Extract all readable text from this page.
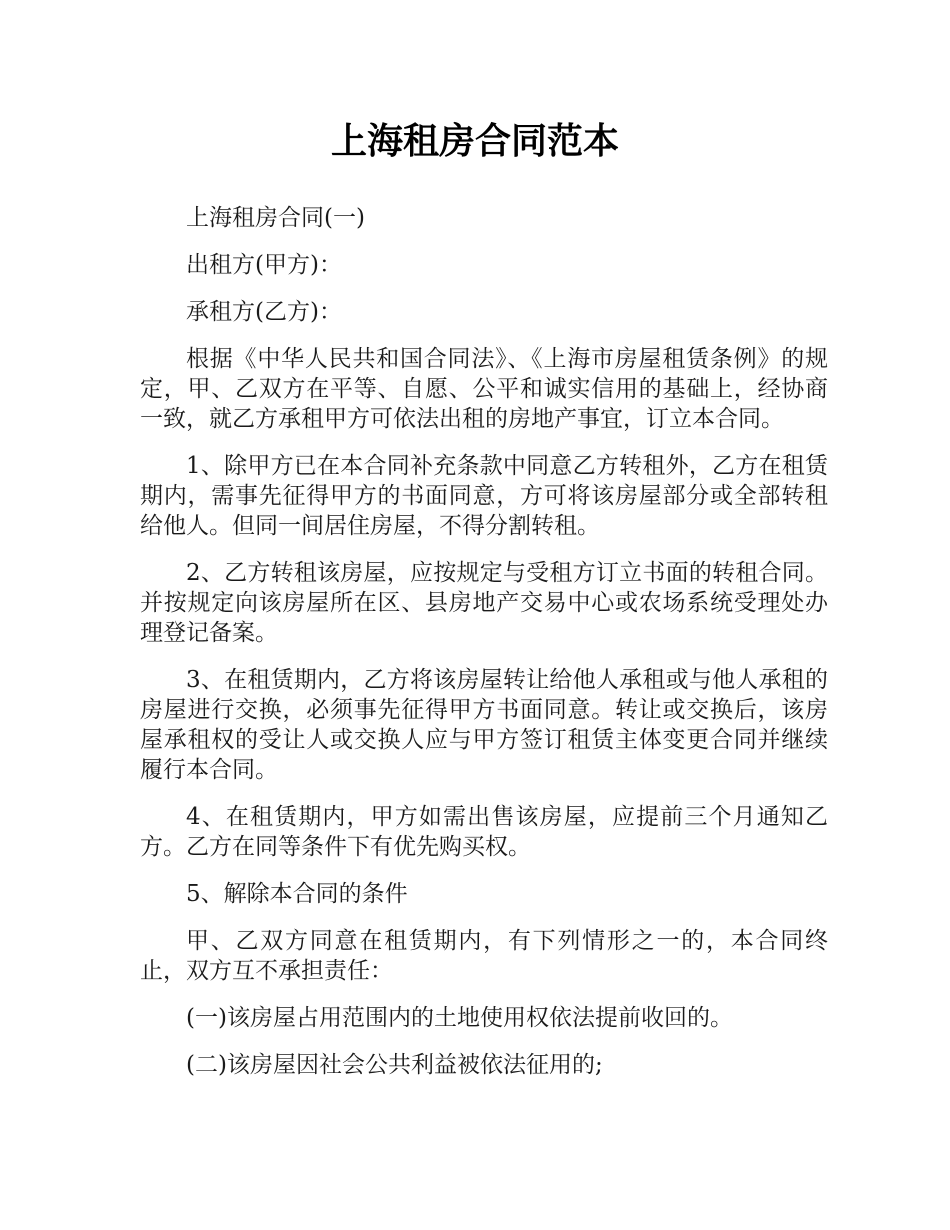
上海租房合同范本

上海租房合同(一)

出租方(甲方)：

承租方(乙方)：

根据《中华人民共和国合同法》、《上海市房屋租赁条例》的规定，甲、乙双方在平等、自愿、公平和诚实信用的基础上，经协商一致，就乙方承租甲方可依法出租的房地产事宜，订立本合同。

1、除甲方已在本合同补充条款中同意乙方转租外，乙方在租赁期内，需事先征得甲方的书面同意，方可将该房屋部分或全部转租给他人。但同一间居住房屋，不得分割转租。

2、乙方转租该房屋，应按规定与受租方订立书面的转租合同。并按规定向该房屋所在区、县房地产交易中心或农场系统受理处办理登记备案。

3、在租赁期内，乙方将该房屋转让给他人承租或与他人承租的房屋进行交换，必须事先征得甲方书面同意。转让或交换后，该房屋承租权的受让人或交换人应与甲方签订租赁主体变更合同并继续履行本合同。

4、在租赁期内，甲方如需出售该房屋，应提前三个月通知乙方。乙方在同等条件下有优先购买权。

5、解除本合同的条件

甲、乙双方同意在租赁期内，有下列情形之一的，本合同终止，双方互不承担责任：

(一)该房屋占用范围内的土地使用权依法提前收回的。

(二)该房屋因社会公共利益被依法征用的;
